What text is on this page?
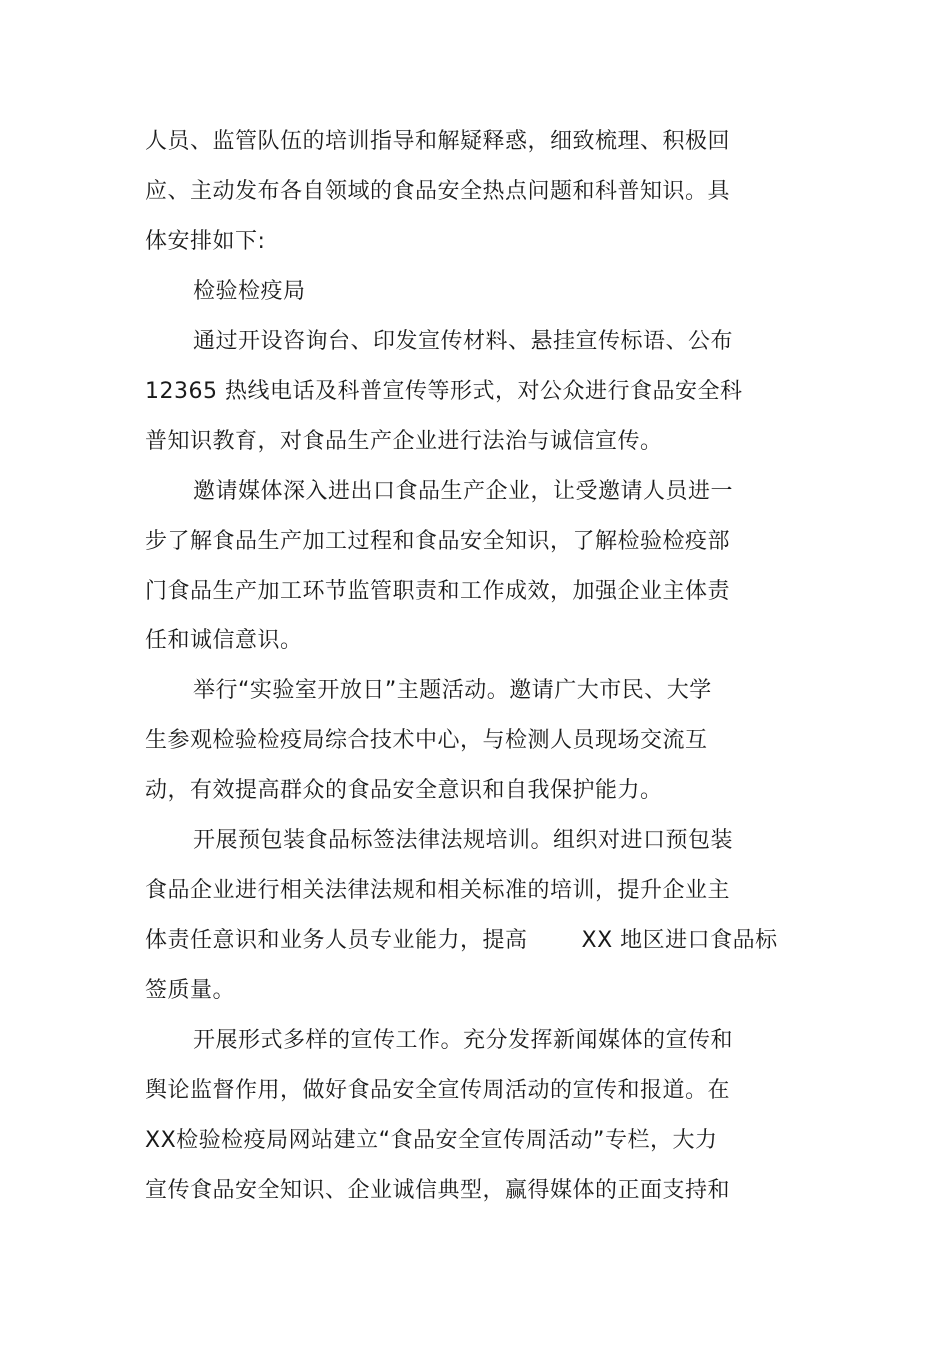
人员、监管队伍的培训指导和解疑释惑，细致梳理、积极回
应、主动发布各自领域的食品安全热点问题和科普知识。具
体安排如下:
检验检疫局
通过开设咨询台、印发宣传材料、悬挂宣传标语、公布
12365 热线电话及科普宣传等形式，对公众进行食品安全科
普知识教育，对食品生产企业进行法治与诚信宣传。
邀请媒体深入进出口食品生产企业，让受邀请人员进一
步了解食品生产加工过程和食品安全知识，了解检验检疫部
门食品生产加工环节监管职责和工作成效，加强企业主体责
任和诚信意识。
举行“实验室开放日”主题活动。邀请广大市民、大学
生参观检验检疫局综合技术中心，与检测人员现场交流互
动，有效提高群众的食品安全意识和自我保护能力。
开展预包装食品标签法律法规培训。组织对进口预包装
食品企业进行相关法律法规和相关标准的培训，提升企业主
体责任意识和业务人员专业能力，提高 XX 地区进口食品标
签质量。
开展形式多样的宣传工作。充分发挥新闻媒体的宣传和
舆论监督作用，做好食品安全宣传周活动的宣传和报道。在
XX检验检疫局网站建立“食品安全宣传周活动”专栏，大力
宣传食品安全知识、企业诚信典型，赢得媒体的正面支持和
